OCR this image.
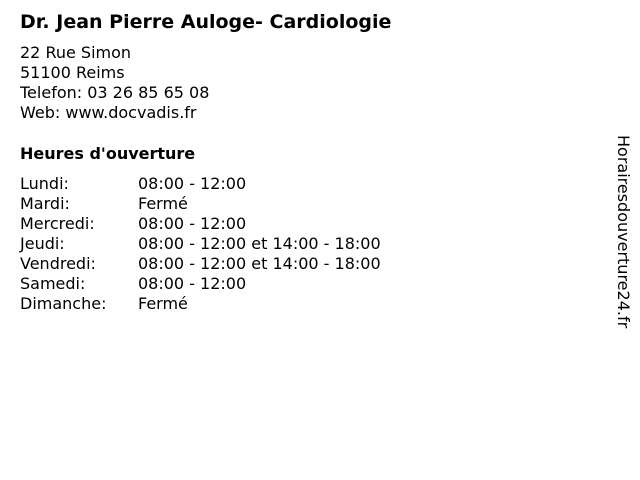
Dr. Jean Pierre Auloge- Cardiologie
22 Rue Simon
51100 Reims
Telefon: 03 26 85 65 08
Web: www.docvadis.fr
Heures d'ouverture
Lundi:	08:00 - 12:00
Mardi:	Fermé
Mercredi:	08:00 - 12:00
Jeudi:	08:00 - 12:00 et 14:00 - 18:00
Vendredi:	08:00 - 12:00 et 14:00 - 18:00
Samedi:	08:00 - 12:00
Dimanche: Fermé	Horairesdouverture24.fr
